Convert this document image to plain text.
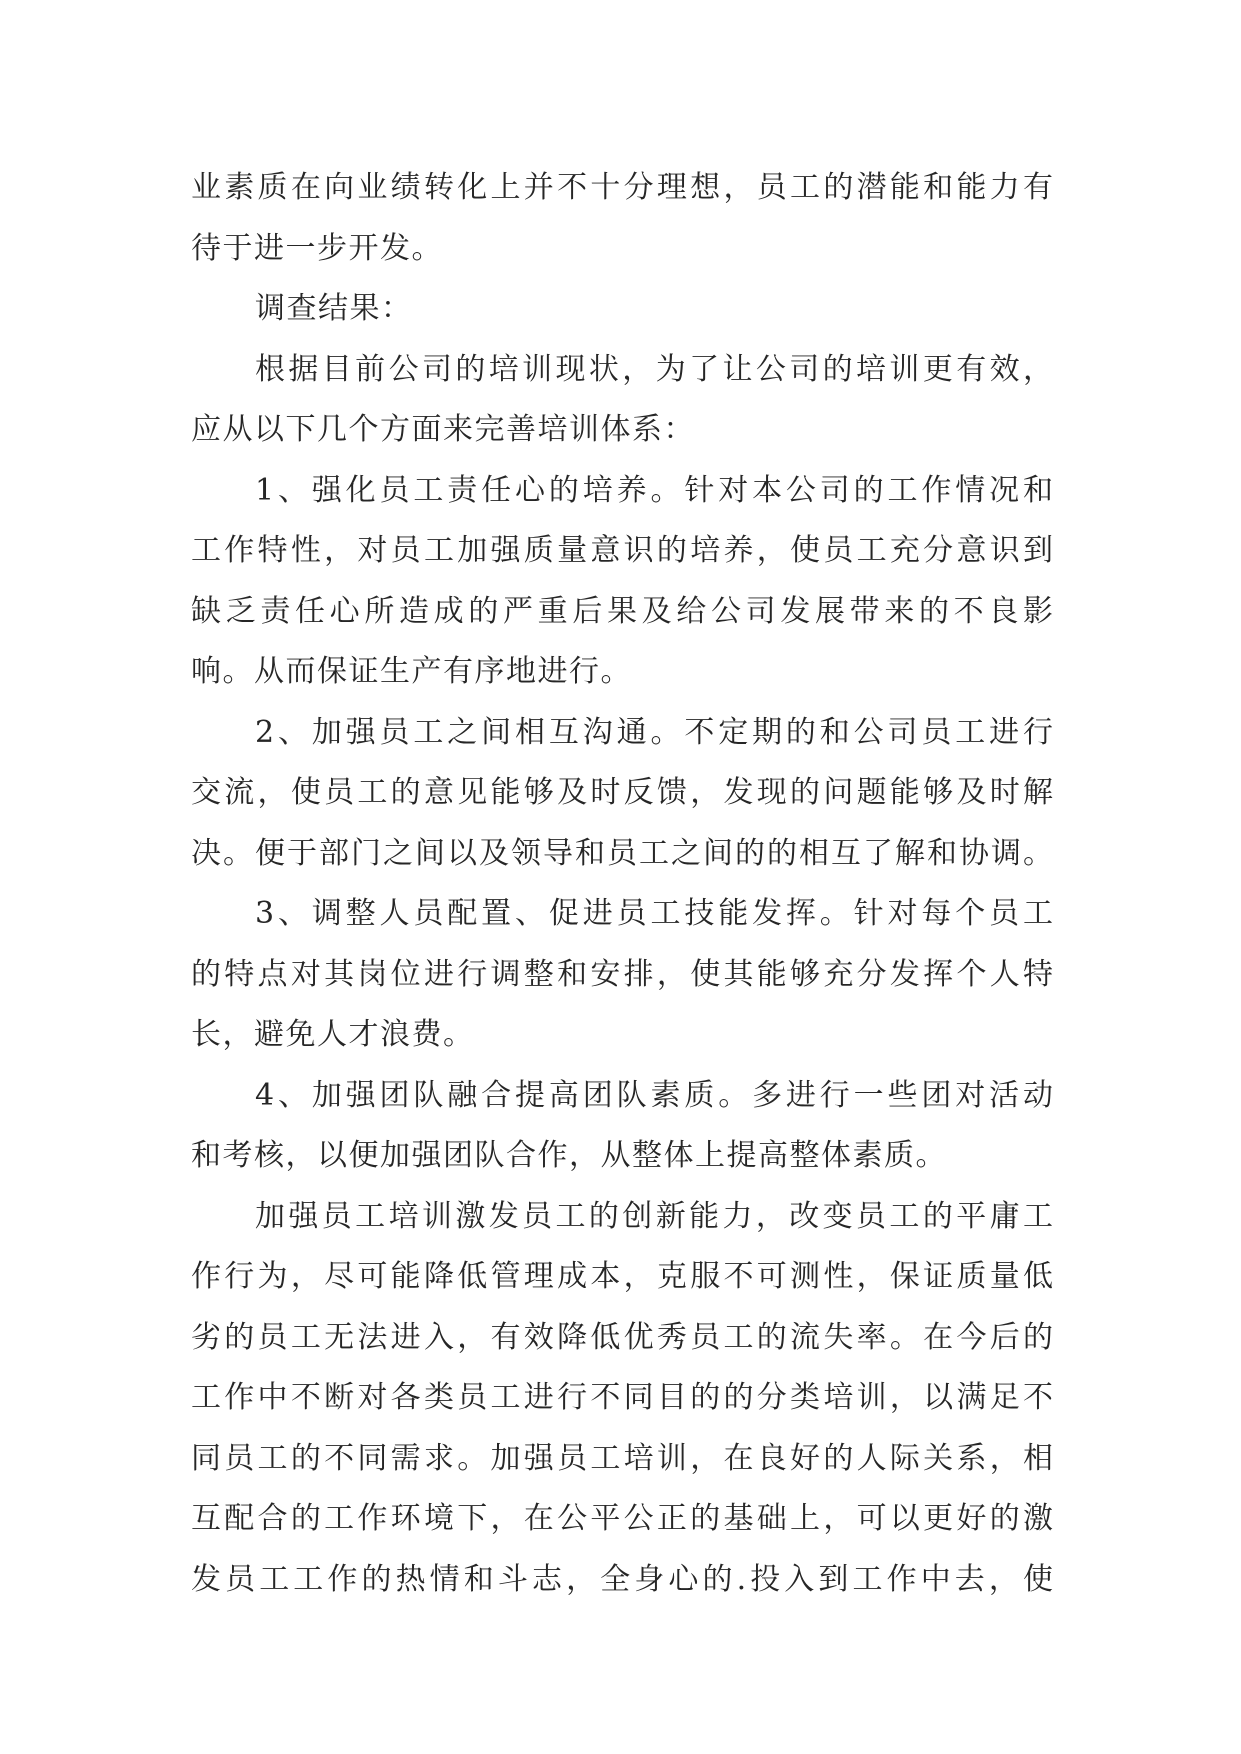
业素质在向业绩转化上并不十分理想，员工的潜能和能力有
待于进一步开发。
调查结果：
根据目前公司的培训现状，为了让公司的培训更有效，
应从以下几个方面来完善培训体系：
1、强化员工责任心的培养。针对本公司的工作情况和
工作特性，对员工加强质量意识的培养，使员工充分意识到
缺乏责任心所造成的严重后果及给公司发展带来的不良影
响。从而保证生产有序地进行。
2、加强员工之间相互沟通。不定期的和公司员工进行
交流，使员工的意见能够及时反馈，发现的问题能够及时解
决。便于部门之间以及领导和员工之间的的相互了解和协调。
3、调整人员配置、促进员工技能发挥。针对每个员工
的特点对其岗位进行调整和安排，使其能够充分发挥个人特
长，避免人才浪费。
4、加强团队融合提高团队素质。多进行一些团对活动
和考核，以便加强团队合作，从整体上提高整体素质。
加强员工培训激发员工的创新能力，改变员工的平庸工
作行为，尽可能降低管理成本，克服不可测性，保证质量低
劣的员工无法进入，有效降低优秀员工的流失率。在今后的
工作中不断对各类员工进行不同目的的分类培训，以满足不
同员工的不同需求。加强员工培训，在良好的人际关系，相
互配合的工作环境下，在公平公正的基础上，可以更好的激
发员工工作的热情和斗志，全身心的.投入到工作中去，使
